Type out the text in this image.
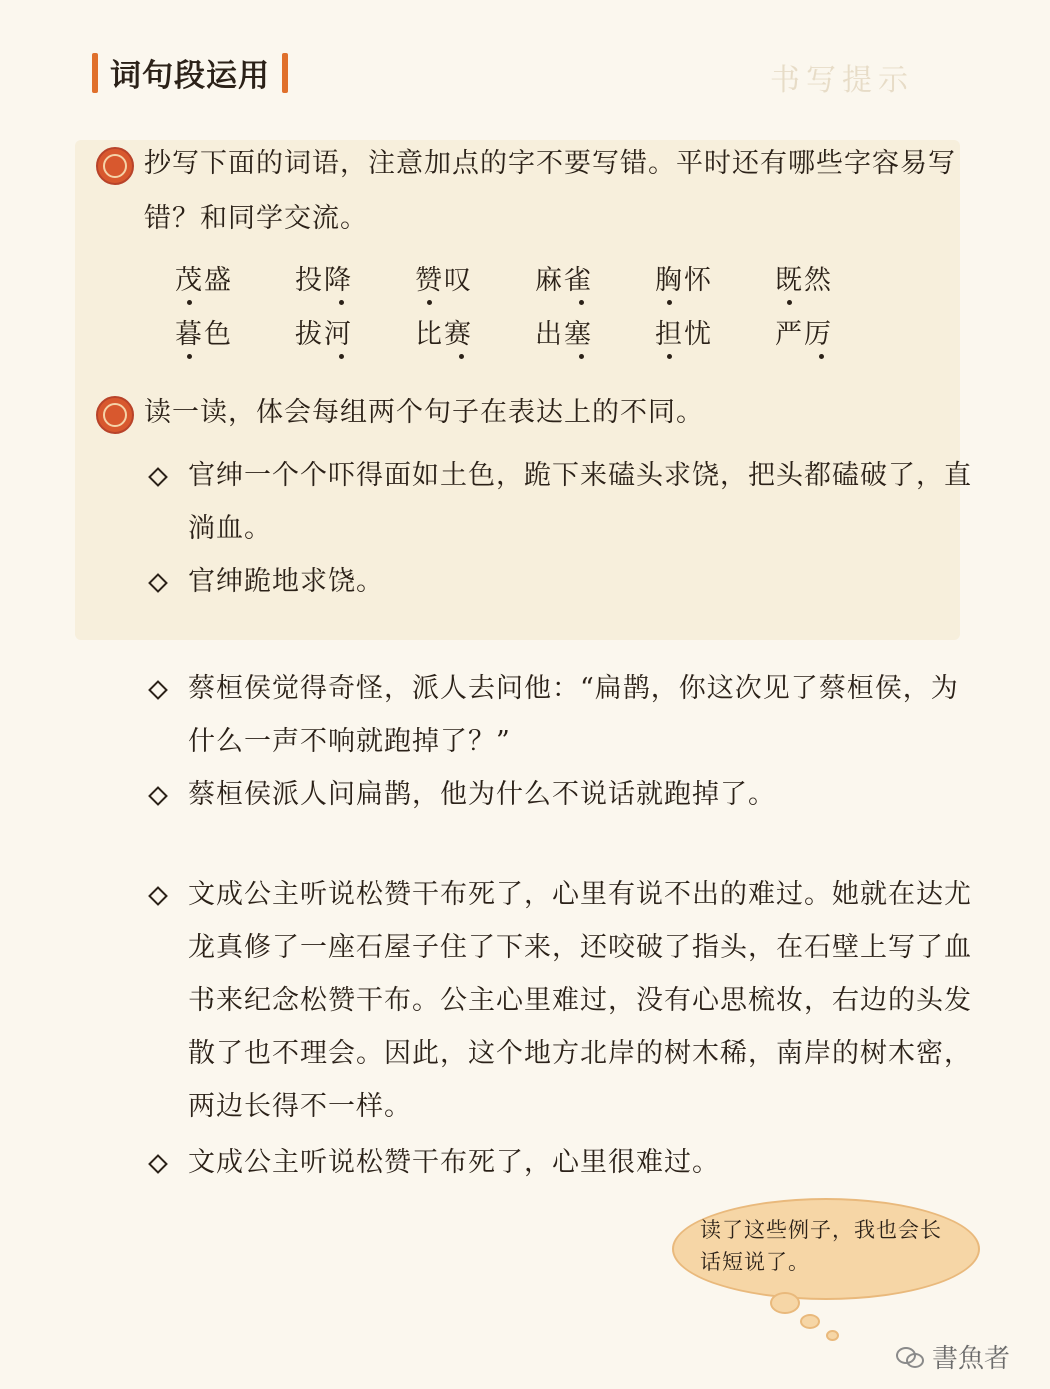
书写提示
词句段运用
抄写下面的词语，注意加点的字不要写错。平时还有哪些字容易写错？和同学交流。
茂盛 投降 赞叹 麻雀 胸怀 既然
暮色 拔河 比赛 出塞 担忧 严厉
读一读，体会每组两个句子在表达上的不同。
官绅一个个吓得面如土色，跪下来磕头求饶，把头都磕破了，直淌血。
官绅跪地求饶。
蔡桓侯觉得奇怪，派人去问他：“扁鹊，你这次见了蔡桓侯，为什么一声不响就跑掉了？”
蔡桓侯派人问扁鹊，他为什么不说话就跑掉了。
文成公主听说松赞干布死了，心里有说不出的难过。她就在达尤龙真修了一座石屋子住了下来，还咬破了指头，在石壁上写了血书来纪念松赞干布。公主心里难过，没有心思梳妆，右边的头发散了也不理会。因此，这个地方北岸的树木稀，南岸的树木密，两边长得不一样。
文成公主听说松赞干布死了，心里很难过。
读了这些例子，我也会长话短说了。
書魚者
